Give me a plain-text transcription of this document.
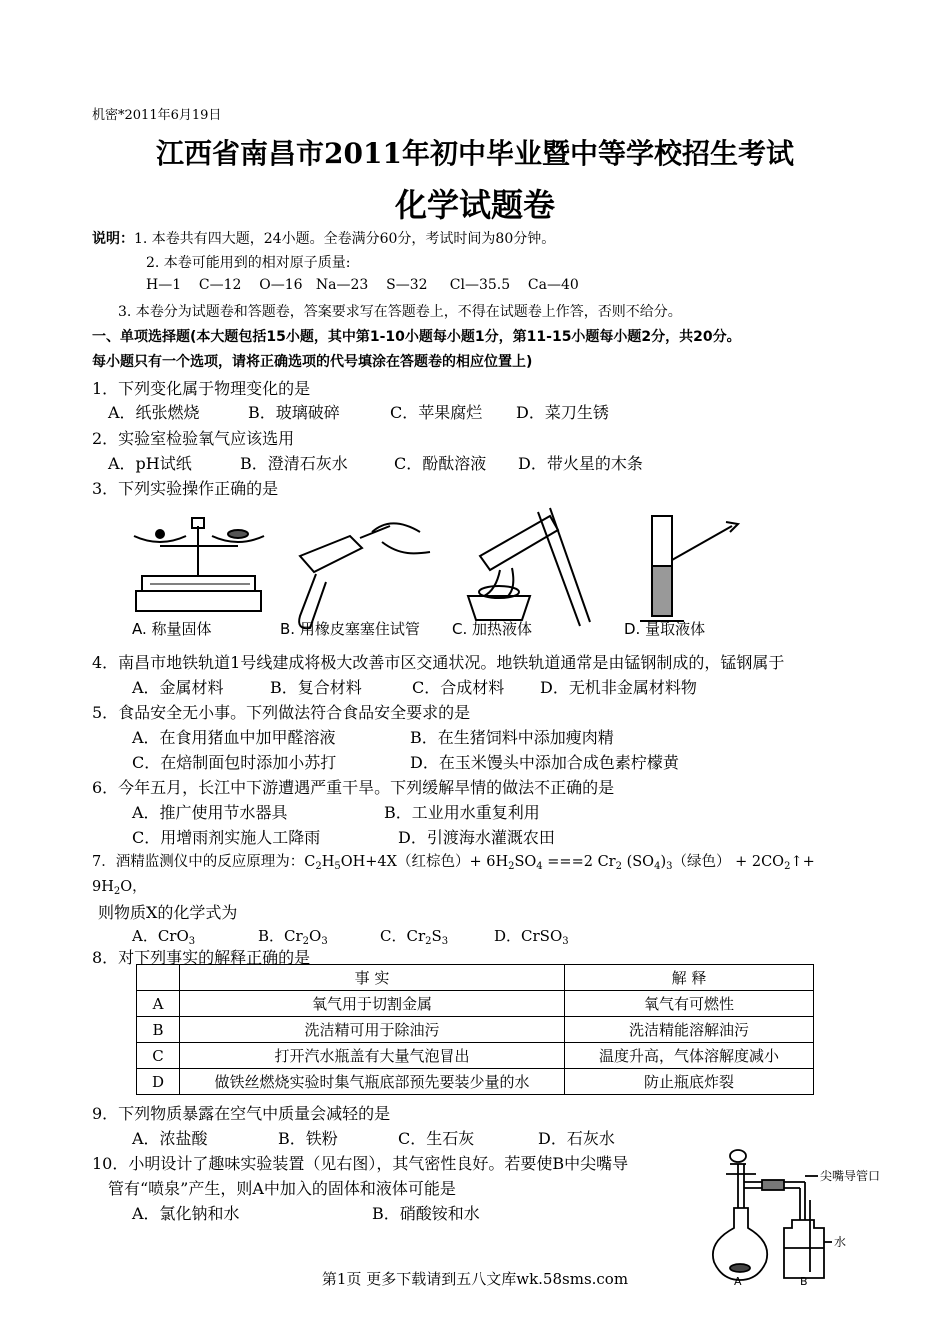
机密*2011年6月19日
江西省南昌市2011年初中毕业暨中等学校招生考试
化学试题卷
说明：1. 本卷共有四大题，24小题。全卷满分60分，考试时间为80分钟。
2. 本卷可能用到的相对原子质量:
H—1    C—12    O—16   Na—23    S—32     Cl—35.5    Ca—40
3. 本卷分为试题卷和答题卷，答案要求写在答题卷上，不得在试题卷上作答，否则不给分。
一、单项选择题(本大题包括15小题，其中第1-10小题每小题1分，第11-15小题每小题2分，共20分。
每小题只有一个选项，请将正确选项的代号填涂在答题卷的相应位置上)
1．下列变化属于物理变化的是
A．纸张燃烧	B．玻璃破碎	C．苹果腐烂 D．菜刀生锈
2．实验室检验氧气应该选用
A．pH试纸	B．澄清石灰水	C．酚酞溶液 D．带火星的木条
3．下列实验操作正确的是
A. 称量固体	B. 用橡皮塞塞住试管 C. 加热液体	D. 量取液体
4．南昌市地铁轨道1号线建成将极大改善市区交通状况。地铁轨道通常是由锰钢制成的，锰钢属于
A．金属材料	B．复合材料	C．合成材料 D．无机非金属材料物
5．食品安全无小事。下列做法符合食品安全要求的是
A．在食用猪血中加甲醛溶液	B．在生猪饲料中添加瘦肉精
C．在焙制面包时添加小苏打	D．在玉米馒头中添加合成色素柠檬黄
6．今年五月，长江中下游遭遇严重干旱。下列缓解旱情的做法不正确的是
A．推广使用节水器具	B．工业用水重复利用
C．用增雨剂实施人工降雨	D．引渡海水灌溉农田
7．酒精监测仪中的反应原理为：$C_2H_5OH+4X$（红棕色）+ $6H_2SO_4 ===2$ $Cr_2$ $(SO_4)_3$（绿色） + $2CO_2↑+$
$9H_2O$，
则物质X的化学式为
A．CrO$_3$	B．$Cr_2O_3$	C．$Cr_2S_3$	D．CrSO$_3$
8．对下列事实的解释正确的是
	事 实	解 释
A	氧气用于切割金属	氧气有可燃性
B	洗洁精可用于除油污	洗洁精能溶解油污
C	打开汽水瓶盖有大量气泡冒出	温度升高，气体溶解度减小
D	做铁丝燃烧实验时集气瓶底部预先要装少量的水	防止瓶底炸裂
9．下列物质暴露在空气中质量会减轻的是
A．浓盐酸	B．铁粉	C．生石灰	D．石灰水
10．小明设计了趣味实验装置（见右图），其气密性良好。若要使B中尖嘴导
管有“喷泉”产生，则A中加入的固体和液体可能是
A．氯化钠和水	B．硝酸铵和水
尖嘴导管口
水
A	B
第1页 更多下载请到五八文库wk.58sms.com
